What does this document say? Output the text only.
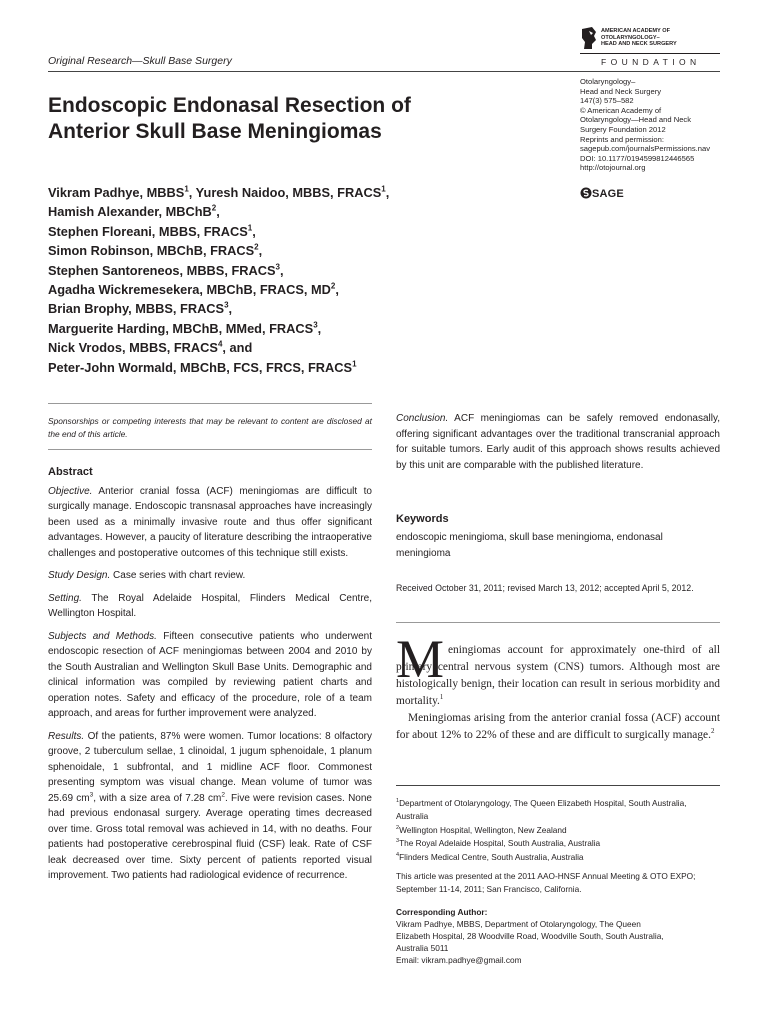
Original Research—Skull Base Surgery
AMERICAN ACADEMY OF
OTOLARYNGOLOGY–
HEAD AND NECK SURGERY
FOUNDATION
Otolaryngology–
Head and Neck Surgery
147(3) 575–582
© American Academy of
Otolaryngology—Head and Neck
Surgery Foundation 2012
Reprints and permission:
sagepub.com/journalsPermissions.nav
DOI: 10.1177/0194599812446565
http://otojournal.org
SAGE
Endoscopic Endonasal Resection of
Anterior Skull Base Meningiomas
Vikram Padhye, MBBS$^1$, Yuresh Naidoo, MBBS, FRACS$^1$,
Hamish Alexander, MBChB$^2$,
Stephen Floreani, MBBS, FRACS$^1$,
Simon Robinson, MBChB, FRACS$^2$,
Stephen Santoreneos, MBBS, FRACS$^3$,
Agadha Wickremesekera, MBChB, FRACS, $MD^2$,
Brian Brophy, MBBS, FRACS$^3$,
Marguerite Harding, MBChB, MMed, FRACS$^3$,
Nick Vrodos, MBBS, FRACS$^4$, and
Peter-John Wormald, MBChB, FCS, FRCS, FRACS$^1$
Sponsorships or competing interests that may be relevant to content are disclosed at the end of this article.
Abstract

Objective. Anterior cranial fossa (ACF) meningiomas are difficult to surgically manage. Endoscopic transnasal approaches have increasingly been used as a minimally invasive route and thus offer significant advantages. However, a paucity of literature describing the intraoperative challenges and postoperative outcomes of this technique still exists.

Study Design. Case series with chart review.

Setting. The Royal Adelaide Hospital, Flinders Medical Centre, Wellington Hospital.

Subjects and Methods. Fifteen consecutive patients who underwent endoscopic resection of ACF meningiomas between 2004 and 2010 by the South Australian and Wellington Skull Base Units. Demographic and clinical information was compiled by reviewing patient charts and operation notes. Safety and efficacy of the procedure, role of a team approach, and areas for further improvement were analyzed.

Results. Of the patients, 87% were women. Tumor locations: 8 olfactory groove, 2 tuberculum sellae, 1 clinoidal, 1 jugum sphenoidale, 1 planum sphenoidale, 1 subfrontal, and 1 midline ACF floor. Commonest presenting symptom was visual change. Mean volume of tumor was 25.69 $cm^3$, with a size area of 7.28 $cm^2$. Five were revision cases. None had previous endonasal surgery. Average operating times decreased over time. Gross total removal was achieved in 14, with no deaths. Four patients had postoperative cerebrospinal fluid (CSF) leak. Rate of CSF leak decreased over time. Sixty percent of patients reported visual improvement. Two patients had radiological evidence of recurrence.

Conclusion. ACF meningiomas can be safely removed endonasally, offering significant advantages over the traditional transcranial approach for suitable tumors. Early audit of this approach shows results achieved by this unit are comparable with the published literature.

Keywords
endoscopic meningioma, skull base meningioma, endonasal meningioma
Received October 31, 2011; revised March 13, 2012; accepted April 5, 2012.
M eningiomas account for approximately one-third of all primary central nervous system (CNS) tumors. Although most are histologically benign, their location can result in serious morbidity and mortality.$^1$

Meningiomas arising from the anterior cranial fossa (ACF) account for about 12% to 22% of these and are difficult to surgically manage.$^2$

$^1$Department of Otolaryngology, The Queen Elizabeth Hospital, South Australia, Australia

$^2$Wellington Hospital, Wellington, New Zealand

$^3$The Royal Adelaide Hospital, South Australia, Australia

$^4$Flinders Medical Centre, South Australia, Australia

This article was presented at the 2011 AAO-HNSF Annual Meeting & OTO EXPO; September 11-14, 2011; San Francisco, California.
Corresponding Author:
Vikram Padhye, MBBS, Department of Otolaryngology, The Queen
Elizabeth Hospital, 28 Woodville Road, Woodville South, South Australia,
Australia 5011
Email: vikram.padhye@gmail.com
